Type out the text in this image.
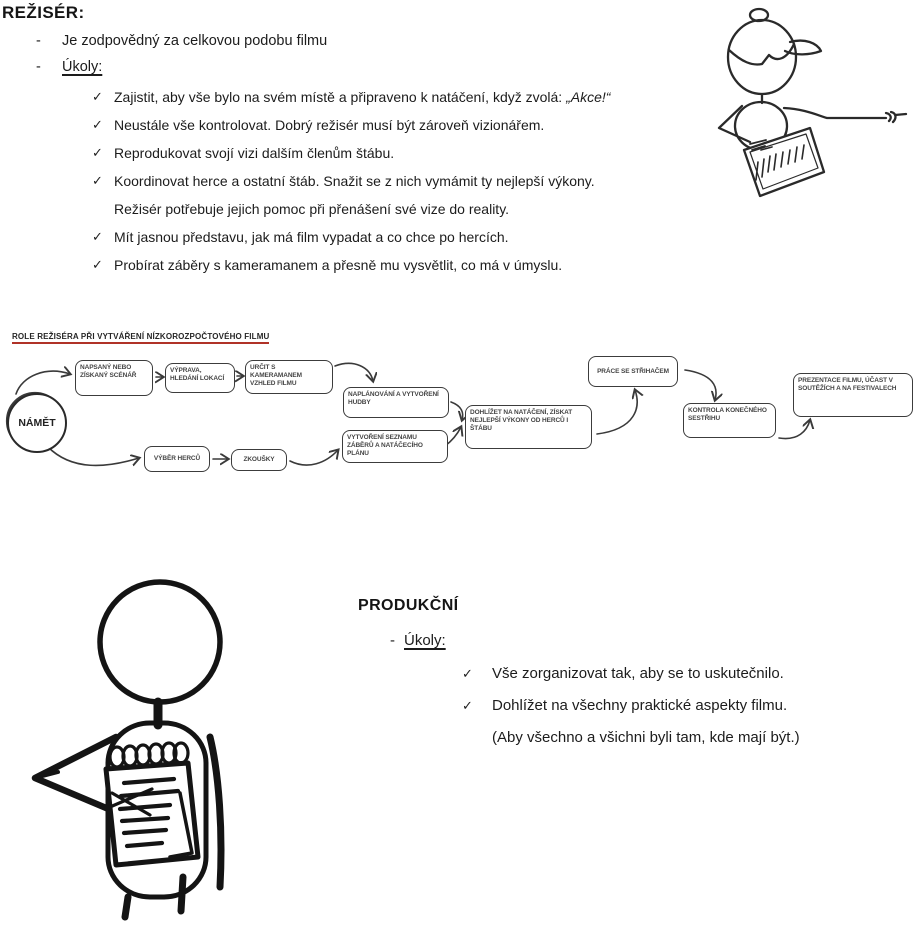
REŽISÉR:
-	Je zodpovědný za celkovou podobu filmu
-	Úkoly:
✓ Zajistit, aby vše bylo na svém místě a připraveno k natáčení, když zvolá: „Akce!“
✓ Neustále vše kontrolovat. Dobrý režisér musí být zároveň vizionářem.
✓ Reprodukovat svojí vizi dalším členům štábu.
✓ Koordinovat herce a ostatní štáb. Snažit se z nich vymámit ty nejlepší výkony.
Režisér potřebuje jejich pomoc při přenášení své vize do reality.
✓ Mít jasnou představu, jak má film vypadat a co chce po hercích.
✓ Probírat záběry s kameramanem a přesně mu vysvětlit, co má v úmyslu.
ROLE REŽISÉRA PŘI VYTVÁŘENÍ NÍZKOROZPOČTOVÉHO FILMU
NÁMĚT
NAPSANÝ NEBO ZÍSKANÝ SCÉNÁŘ
VÝPRAVA, HLEDÁNÍ LOKACÍ
URČIT S KAMERAMANEM VZHLED FILMU
VÝBĚR HERCŮ	ZKOUŠKY
NAPLÁNOVÁNÍ A VYTVOŘENÍ HUDBY
VYTVOŘENÍ SEZNAMU ZÁBĚRŮ A NATÁČECÍHO PLÁNU
DOHLÍŽET NA NATÁČENÍ, ZÍSKAT NEJLEPŠÍ VÝKONY OD HERCŮ I ŠTÁBU
PRÁCE SE STŘIHAČEM
KONTROLA KONEČNÉHO SESTŘIHU
PREZENTACE FILMU, ÚČAST V SOUTĚŽÍCH A NA FESTIVALECH
PRODUKČNÍ
- Úkoly:
✓	Vše zorganizovat tak, aby se to uskutečnilo.
✓	Dohlížet na všechny praktické aspekty filmu.
(Aby všechno a všichni byli tam, kde mají být.)
